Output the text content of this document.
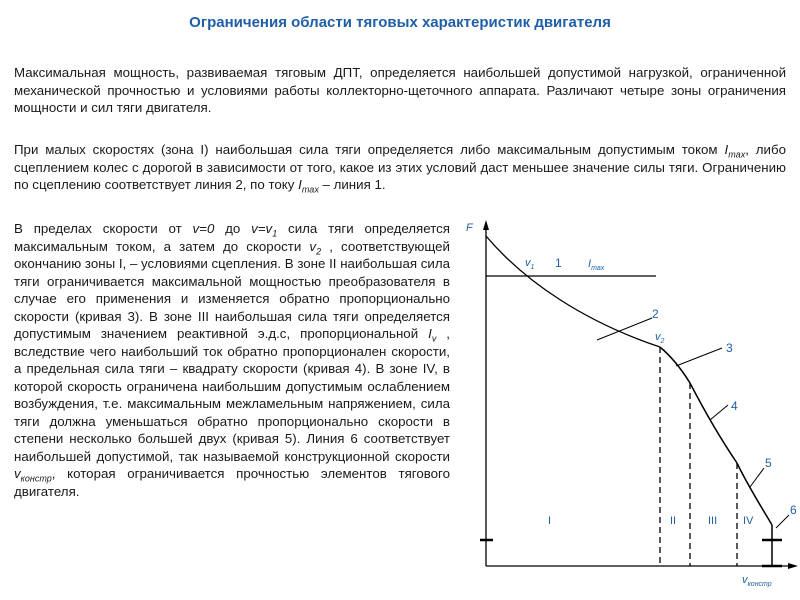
Ограничения области тяговых характеристик двигателя

Максимальная мощность, развиваемая тяговым ДПТ, определяется наибольшей допустимой нагрузкой, ограниченной механической прочностью и условиями работы коллекторно-щеточного аппарата. Различают четыре зоны ограничения мощности и сил тяги двигателя.

При малых скоростях (зона I) наибольшая сила тяги определяется либо максимальным допустимым током $I_{max}$, либо сцеплением колес с дорогой в зависимости от того, какое из этих условий даст меньшее значение силы тяги. Ограничению по сцеплению соответствует линия 2, по току $I_{max}$ – линия 1.

В пределах скорости от v=0 до $v=v_1$ сила тяги определяется максимальным током, а затем до скорости $v_2$ , соответствующей окончанию зоны I, – условиями сцепления. В зоне II наибольшая сила тяги ограничивается максимальной мощностью преобразователя в случае его применения и изменяется обратно пропорционально скорости (кривая 3). В зоне III наибольшая сила тяги определяется допустимым значением реактивной э.д.с, пропорциональной $I_v$ , вследствие чего наибольший ток обратно пропорционален скорости, а предельная сила тяги – квадрату скорости (кривая 4). В зоне IV, в которой скорость ограничена наибольшим допустимым ослаблением возбуждения, т.е. максимальным межламельным напряжением, сила тяги должна уменьшаться обратно пропорционально скорости в степени несколько большей двух (кривая 5). Линия 6 соответствует наибольшей допустимой, так называемой конструкционной скорости $v_{констр}$, которая ограничивается прочностью элементов тягового двигателя.

F
$v_1$ 1 $I_{max}$
2
$v_2$	3
4
5
6
I	II	III IV
$v_{констр}$
